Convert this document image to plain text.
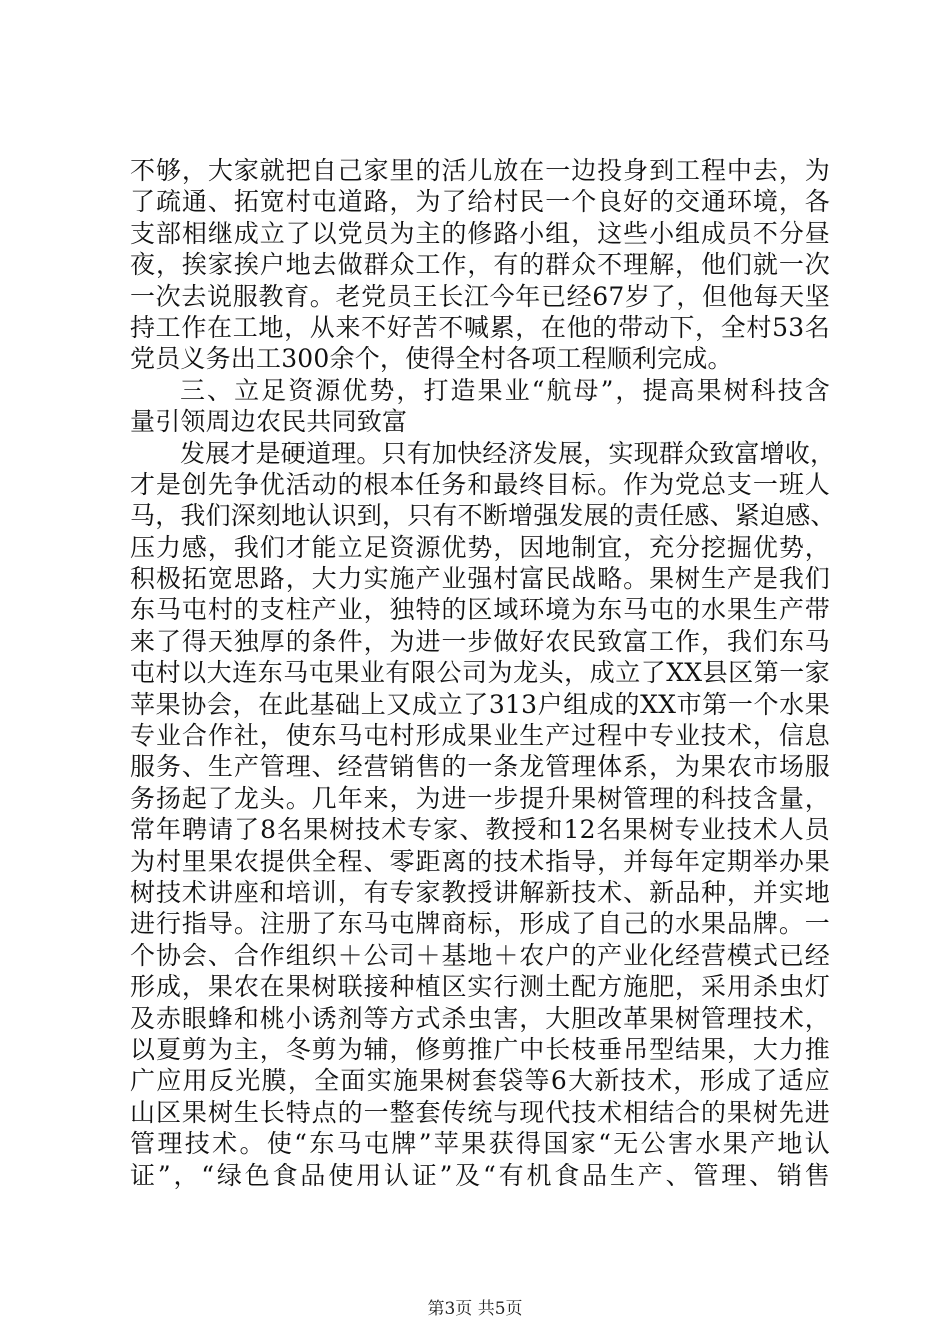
不够，大家就把自己家里的活儿放在一边投身到工程中去，为
了疏通、拓宽村屯道路，为了给村民一个良好的交通环境，各
支部相继成立了以党员为主的修路小组，这些小组成员不分昼
夜，挨家挨户地去做群众工作，有的群众不理解，他们就一次
一次去说服教育。老党员王长江今年已经67岁了，但他每天坚
持工作在工地，从来不好苦不喊累，在他的带动下，全村53名
党员义务出工300余个，使得全村各项工程顺利完成。
三、立足资源优势，打造果业“航母”，提高果树科技含
量引领周边农民共同致富
发展才是硬道理。只有加快经济发展，实现群众致富增收，
才是创先争优活动的根本任务和最终目标。作为党总支一班人
马，我们深刻地认识到，只有不断增强发展的责任感、紧迫感、
压力感，我们才能立足资源优势，因地制宜，充分挖掘优势，
积极拓宽思路，大力实施产业强村富民战略。果树生产是我们
东马屯村的支柱产业，独特的区域环境为东马屯的水果生产带
来了得天独厚的条件，为进一步做好农民致富工作，我们东马
屯村以大连东马屯果业有限公司为龙头，成立了XX县区第一家
苹果协会，在此基础上又成立了313户组成的XX市第一个水果
专业合作社，使东马屯村形成果业生产过程中专业技术，信息
服务、生产管理、经营销售的一条龙管理体系，为果农市场服
务扬起了龙头。几年来，为进一步提升果树管理的科技含量，
常年聘请了8名果树技术专家、教授和12名果树专业技术人员
为村里果农提供全程、零距离的技术指导，并每年定期举办果
树技术讲座和培训，有专家教授讲解新技术、新品种，并实地
进行指导。注册了东马屯牌商标，形成了自己的水果品牌。一
个协会、合作组织＋公司＋基地＋农户的产业化经营模式已经
形成，果农在果树联接种植区实行测土配方施肥，采用杀虫灯
及赤眼蜂和桃小诱剂等方式杀虫害，大胆改革果树管理技术，
以夏剪为主，冬剪为辅，修剪推广中长枝垂吊型结果，大力推
广应用反光膜，全面实施果树套袋等6大新技术，形成了适应
山区果树生长特点的一整套传统与现代技术相结合的果树先进
管理技术。使“东马屯牌”苹果获得国家“无公害水果产地认
证”，“绿色食品使用认证”及“有机食品生产、管理、销售
第3页 共5页
